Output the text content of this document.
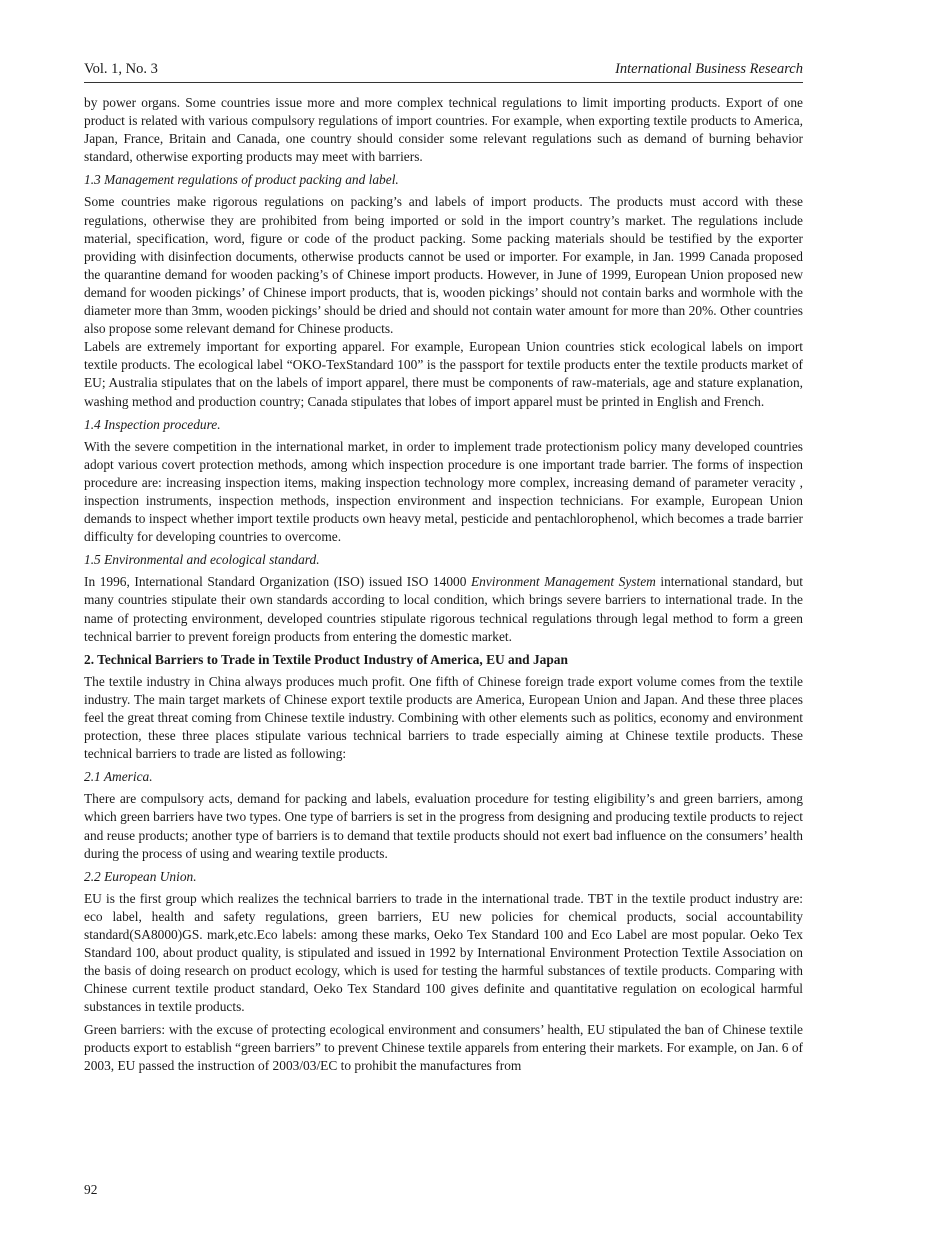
Vol. 1, No. 3	International Business Research

by power organs. Some countries issue more and more complex technical regulations to limit importing products. Export of one product is related with various compulsory regulations of import countries. For example, when exporting textile products to America, Japan, France, Britain and Canada, one country should consider some relevant regulations such as demand of burning behavior standard, otherwise exporting products may meet with barriers.

1.3 Management regulations of product packing and label.

Some countries make rigorous regulations on packing’s and labels of import products. The products must accord with these regulations, otherwise they are prohibited from being imported or sold in the import country’s market. The regulations include material, specification, word, figure or code of the product packing. Some packing materials should be testified by the exporter providing with disinfection documents, otherwise products cannot be used or importer. For example, in Jan. 1999 Canada proposed the quarantine demand for wooden packing’s of Chinese import products. However, in June of 1999, European Union proposed new demand for wooden pickings’ of Chinese import products, that is, wooden pickings’ should not contain barks and wormhole with the diameter more than 3mm, wooden pickings’ should be dried and should not contain water amount for more than 20%. Other countries also propose some relevant demand for Chinese products.

Labels are extremely important for exporting apparel. For example, European Union countries stick ecological labels on import textile products. The ecological label “OKO-TexStandard 100” is the passport for textile products enter the textile products market of EU; Australia stipulates that on the labels of import apparel, there must be components of raw-materials, age and stature explanation, washing method and production country; Canada stipulates that lobes of import apparel must be printed in English and French.

1.4 Inspection procedure.

With the severe competition in the international market, in order to implement trade protectionism policy many developed countries adopt various covert protection methods, among which inspection procedure is one important trade barrier. The forms of inspection procedure are: increasing inspection items, making inspection technology more complex, increasing demand of parameter veracity , inspection instruments, inspection methods, inspection environment and inspection technicians. For example, European Union demands to inspect whether import textile products own heavy metal, pesticide and pentachlorophenol, which becomes a trade barrier difficulty for developing countries to overcome.

1.5 Environmental and ecological standard.

In 1996, International Standard Organization (ISO) issued ISO 14000 Environment Management System international standard, but many countries stipulate their own standards according to local condition, which brings severe barriers to international trade. In the name of protecting environment, developed countries stipulate rigorous technical regulations through legal method to form a green technical barrier to prevent foreign products from entering the domestic market.

2. Technical Barriers to Trade in Textile Product Industry of America, EU and Japan

The textile industry in China always produces much profit. One fifth of Chinese foreign trade export volume comes from the textile industry. The main target markets of Chinese export textile products are America, European Union and Japan. And these three places feel the great threat coming from Chinese textile industry. Combining with other elements such as politics, economy and environment protection, these three places stipulate various technical barriers to trade especially aiming at Chinese textile products. These technical barriers to trade are listed as following:

2.1 America.

There are compulsory acts, demand for packing and labels, evaluation procedure for testing eligibility’s and green barriers, among which green barriers have two types. One type of barriers is set in the progress from designing and producing textile products to reject and reuse products; another type of barriers is to demand that textile products should not exert bad influence on the consumers’ health during the process of using and wearing textile products.

2.2 European Union.

EU is the first group which realizes the technical barriers to trade in the international trade. TBT in the textile product industry are: eco label, health and safety regulations, green barriers, EU new policies for chemical products, social accountability standard(SA8000)GS. mark,etc.Eco labels: among these marks, Oeko Tex Standard 100 and Eco Label are most popular. Oeko Tex Standard 100, about product quality, is stipulated and issued in 1992 by International Environment Protection Textile Association on the basis of doing research on product ecology, which is used for testing the harmful substances of textile products. Comparing with Chinese current textile product standard, Oeko Tex Standard 100 gives definite and quantitative regulation on ecological harmful substances in textile products.

Green barriers: with the excuse of protecting ecological environment and consumers’ health, EU stipulated the ban of Chinese textile products export to establish “green barriers” to prevent Chinese textile apparels from entering their markets. For example, on Jan. 6 of 2003, EU passed the instruction of 2003/03/EC to prohibit the manufactures from

92
